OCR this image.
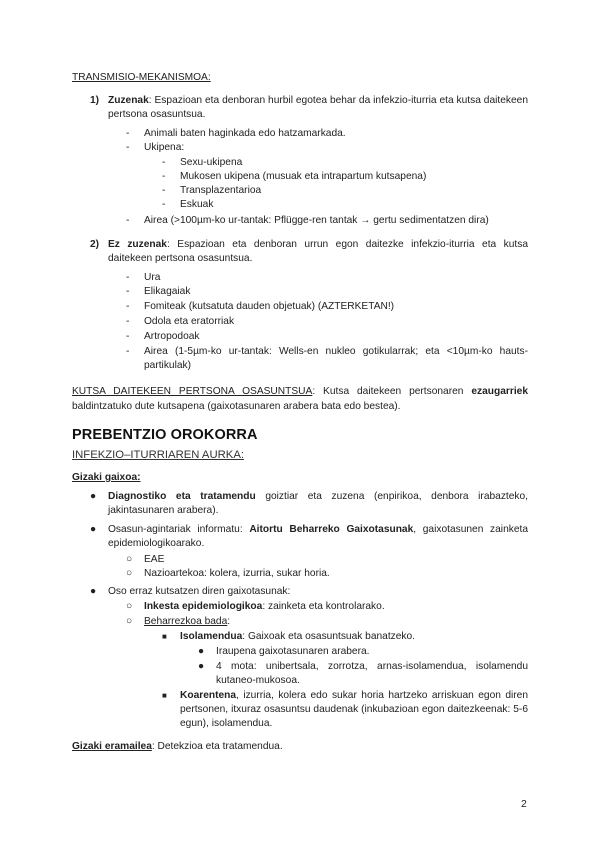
TRANSMISIO-MEKANISMOA:
1) Zuzenak: Espazioan eta denboran hurbil egotea behar da infekzio-iturria eta kutsa daitekeen pertsona osasuntsua.
- Animali baten haginkada edo hatzamarkada.
- Ukipena:
- Sexu-ukipena
- Mukosen ukipena (musuak eta intrapartum kutsapena)
- Transplazentarioa
- Eskuak
- Airea (>100µm-ko ur-tantak: Pflügge-ren tantak → gertu sedimentatzen dira)
2) Ez zuzenak: Espazioan eta denboran urrun egon daitezke infekzio-iturria eta kutsa daitekeen pertsona osasuntsua.
- Ura
- Elikagaiak
- Fomiteak (kutsatuta dauden objetuak) (AZTERKETAN!)
- Odola eta eratorriak
- Artropodoak
- Airea (1-5µm-ko ur-tantak: Wells-en nukleo gotikularrak; eta <10µm-ko hauts-partikulak)
KUTSA DAITEKEEN PERTSONA OSASUNTSUA: Kutsa daitekeen pertsonaren ezaugarriek baldintzatuko dute kutsapena (gaixotasunaren arabera bata edo bestea).
PREBENTZIO OROKORRA
INFEKZIO–ITURRIAREN AURKA:
Gizaki gaixoa:
● Diagnostiko eta tratamendu goiztiar eta zuzena (enpirikoa, denbora irabazteko, jakintasunaren arabera).
● Osasun-agintariak informatu: Aitortu Beharreko Gaixotasunak, gaixotasunen zainketa epidemiologikoarako.
○ EAE
○ Nazioartekoa: kolera, izurria, sukar horia.
● Oso erraz kutsatzen diren gaixotasunak:
○ Inkesta epidemiologikoa: zainketa eta kontrolarako.
○ Beharrezkoa bada:
■ Isolamendua: Gaixoak eta osasuntsuak banatzeko.
● Iraupena gaixotasunaren arabera.
● 4 mota: unibertsala, zorrotza, arnas-isolamendua, isolamendu kutaneo-mukosoa.
■ Koarentena, izurria, kolera edo sukar horia hartzeko arriskuan egon diren pertsonen, itxuraz osasuntsu daudenak (inkubazioan egon daitezkeenak: 5-6 egun), isolamendua.
Gizaki eramailea: Detekzioa eta tratamendua.
2
